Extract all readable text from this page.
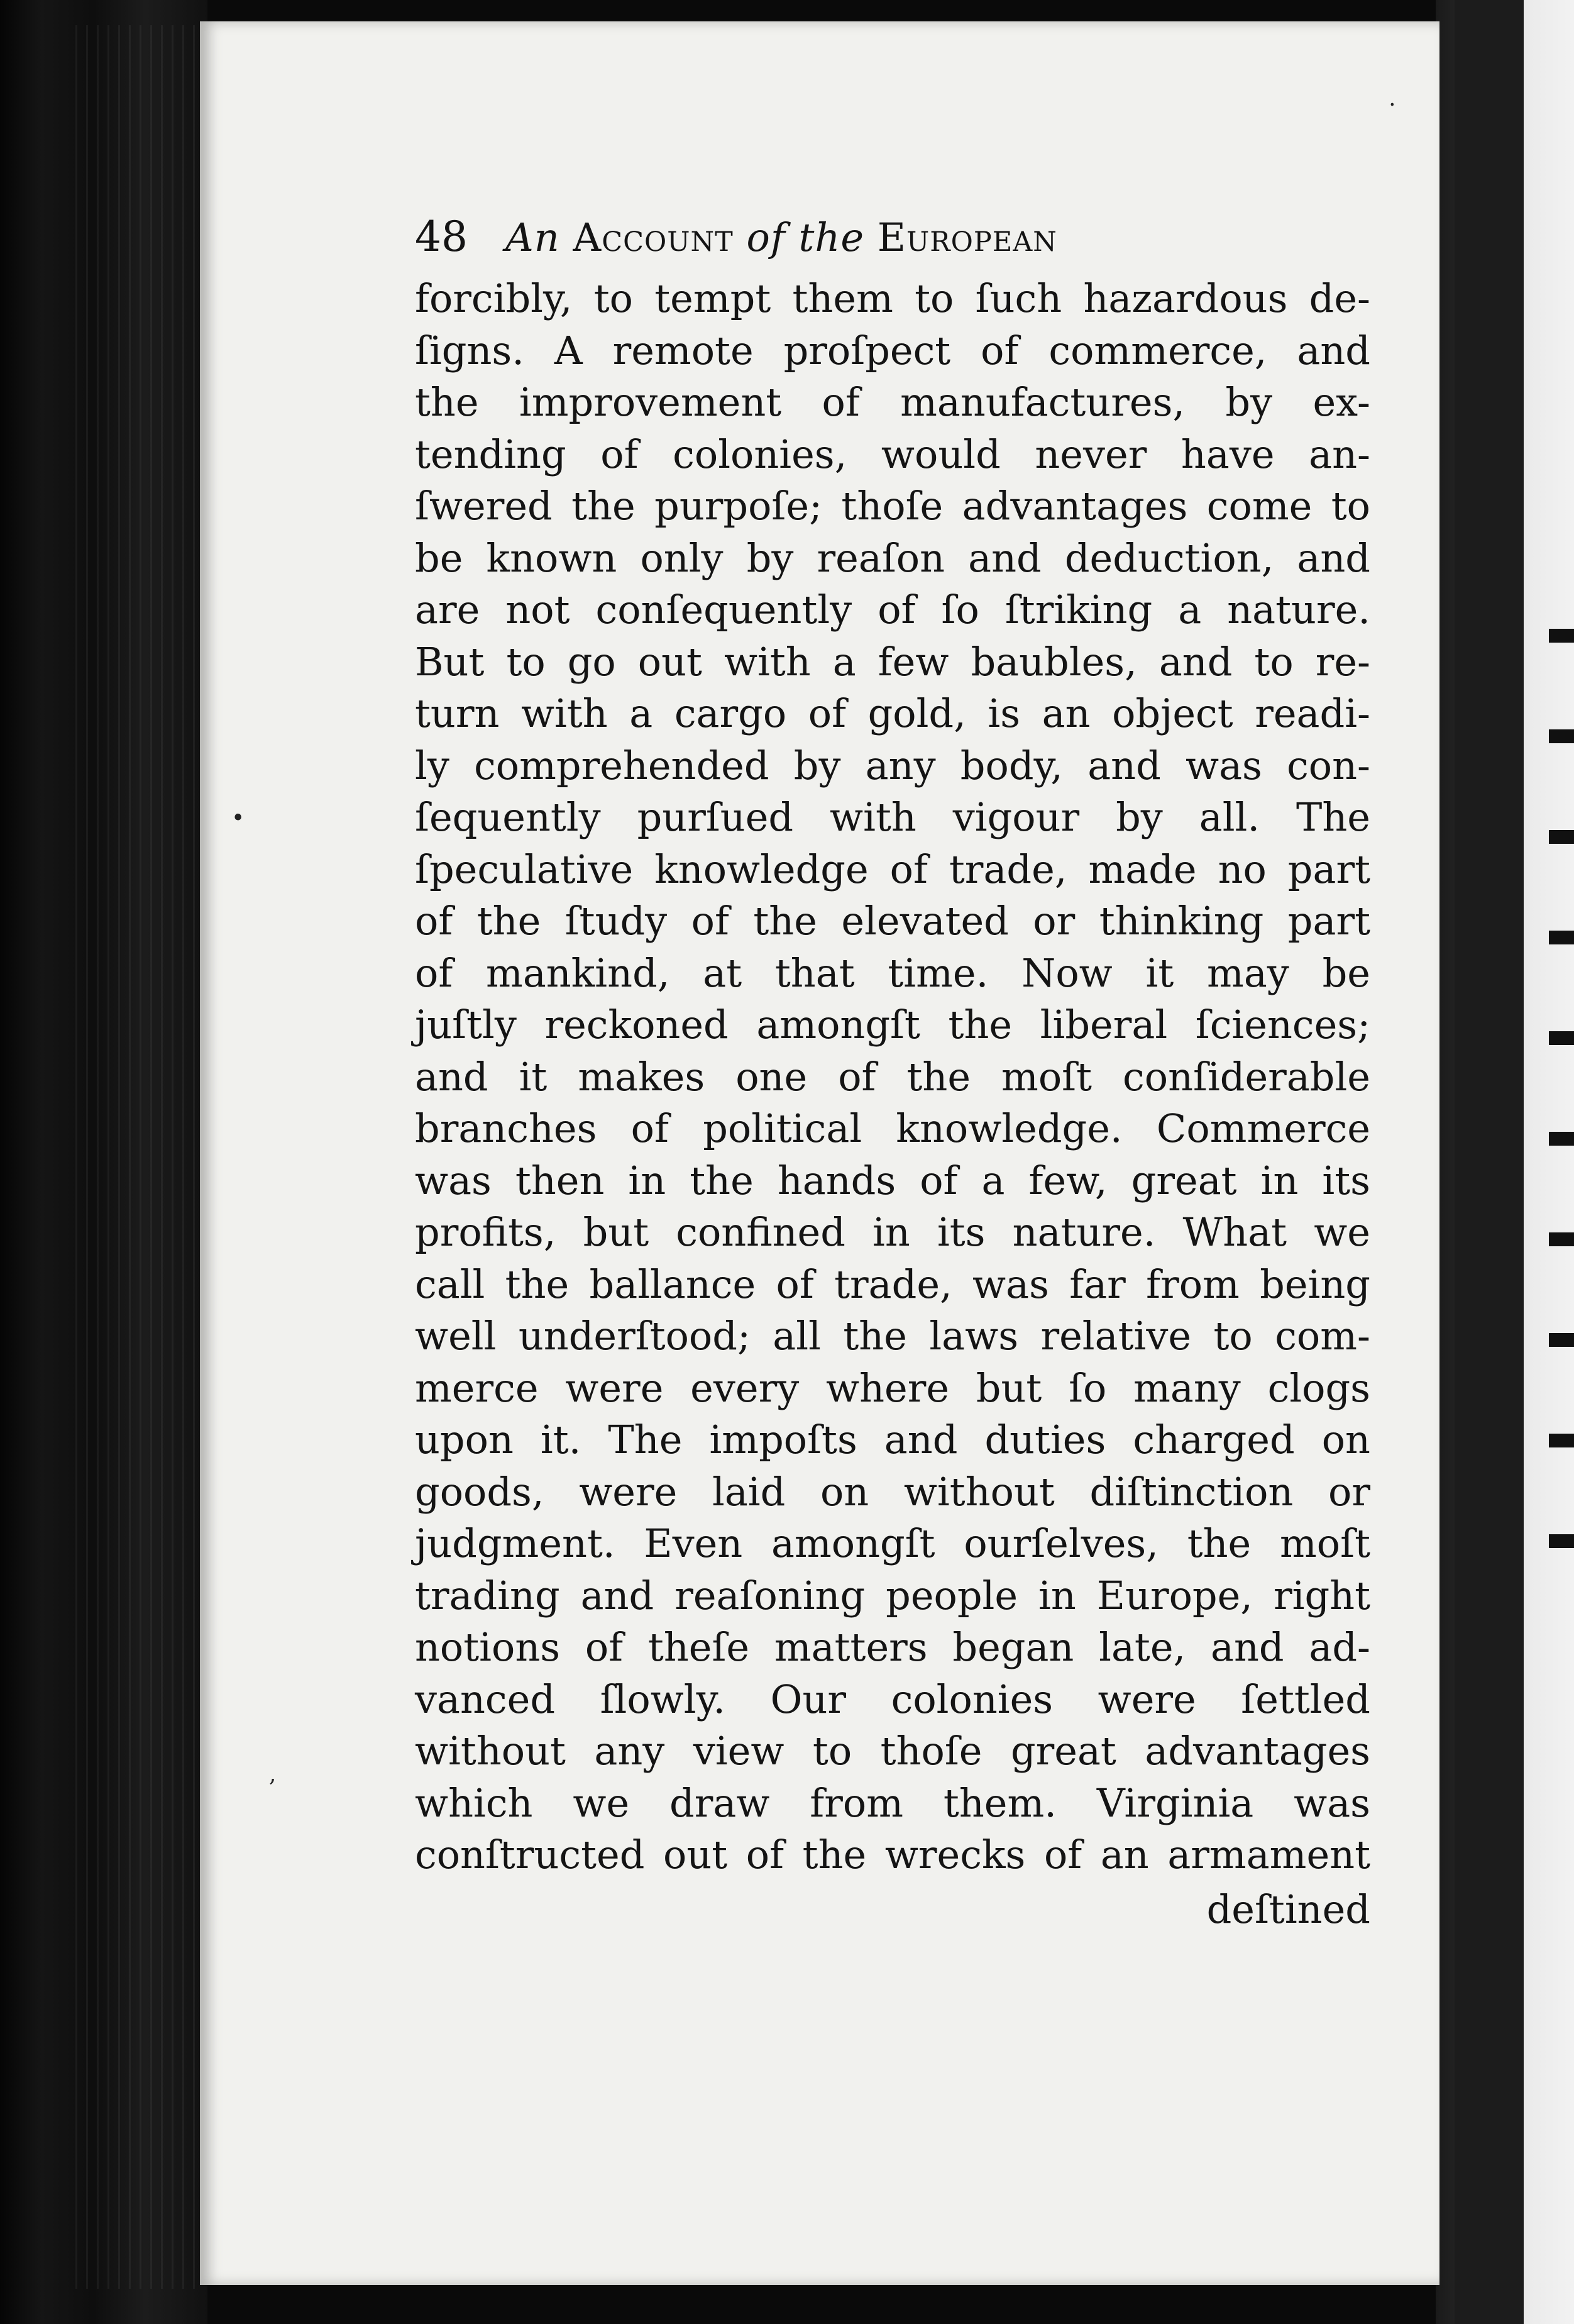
⸱
•
,
48 An Account of the European
forcibly, to tempt them to ſuch hazardous de-
ſigns. A remote proſpect of commerce, and
the improvement of manufactures, by ex-
tending of colonies, would never have an-
ſwered the purpoſe; thoſe advantages come to
be known only by reaſon and deduction, and
are not conſequently of ſo ſtriking a nature.
But to go out with a few baubles, and to re-
turn with a cargo of gold, is an object readi-
ly comprehended by any body, and was con-
ſequently purſued with vigour by all. The
ſpeculative knowledge of trade, made no part
of the ſtudy of the elevated or thinking part
of mankind, at that time. Now it may be
juſtly reckoned amongſt the liberal ſciences;
and it makes one of the moſt conſiderable
branches of political knowledge. Commerce
was then in the hands of a few, great in its
profits, but confined in its nature. What we
call the ballance of trade, was far from being
well underſtood; all the laws relative to com-
merce were every where but ſo many clogs
upon it. The impoſts and duties charged on
goods, were laid on without diſtinction or
judgment. Even amongſt ourſelves, the moſt
trading and reaſoning people in Europe, right
notions of theſe matters began late, and ad-
vanced ſlowly. Our colonies were ſettled
without any view to thoſe great advantages
which we draw from them. Virginia was
conſtructed out of the wrecks of an armament
deſtined
